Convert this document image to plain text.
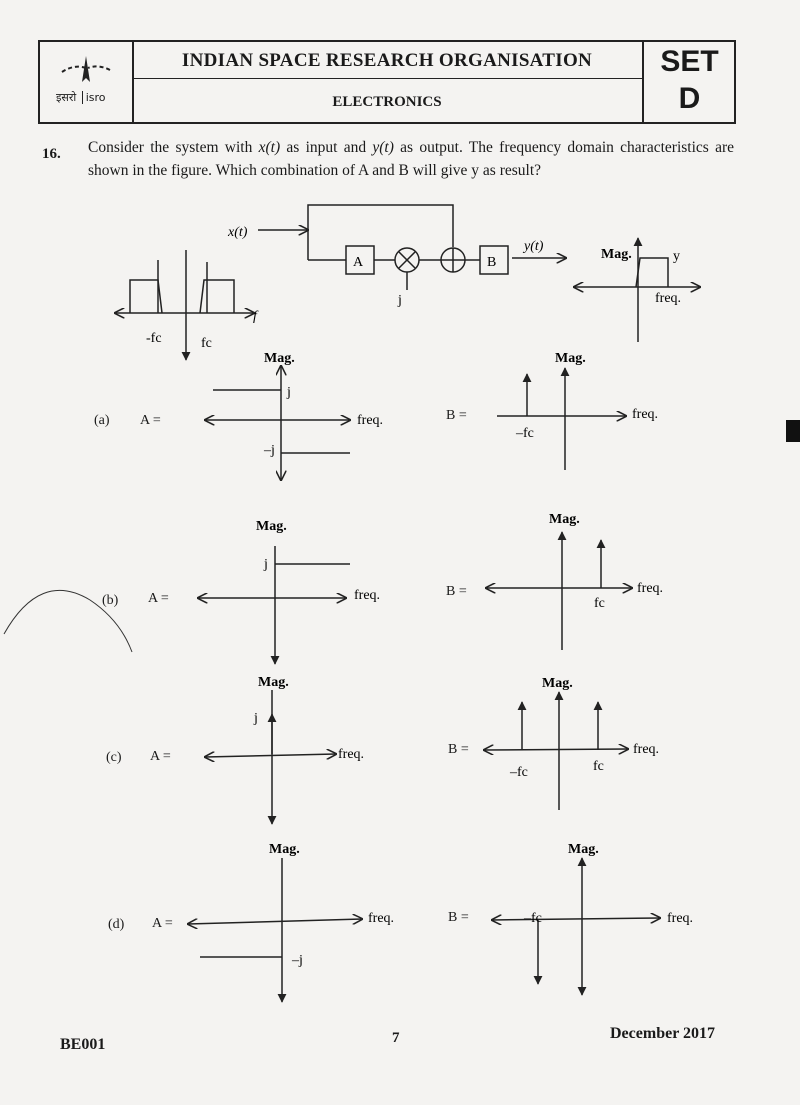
इसरो isro
INDIAN SPACE RESEARCH ORGANISATION
ELECTRONICS
SET
D
16. Consider the system with x(t) as input and y(t) as output. The frequency domain characteristics are shown in the figure. Which combination of A and B will give y as result?
x(t)
A	B
j
y(t)
-fc	fc
f
Mag.	y
freq.
Mag.
j
–j
freq.
Mag.
–fc
freq.
Mag.
j
freq.
Mag.
fc
freq.
Mag.
j
freq.
Mag.
–fc	fc
freq.
Mag.
–j
freq.
Mag.
–fc	freq.
(a) A =	B =
(b) A =	B =
(c) A =	B =
(d) A =	B =
BE001	7	December 2017
